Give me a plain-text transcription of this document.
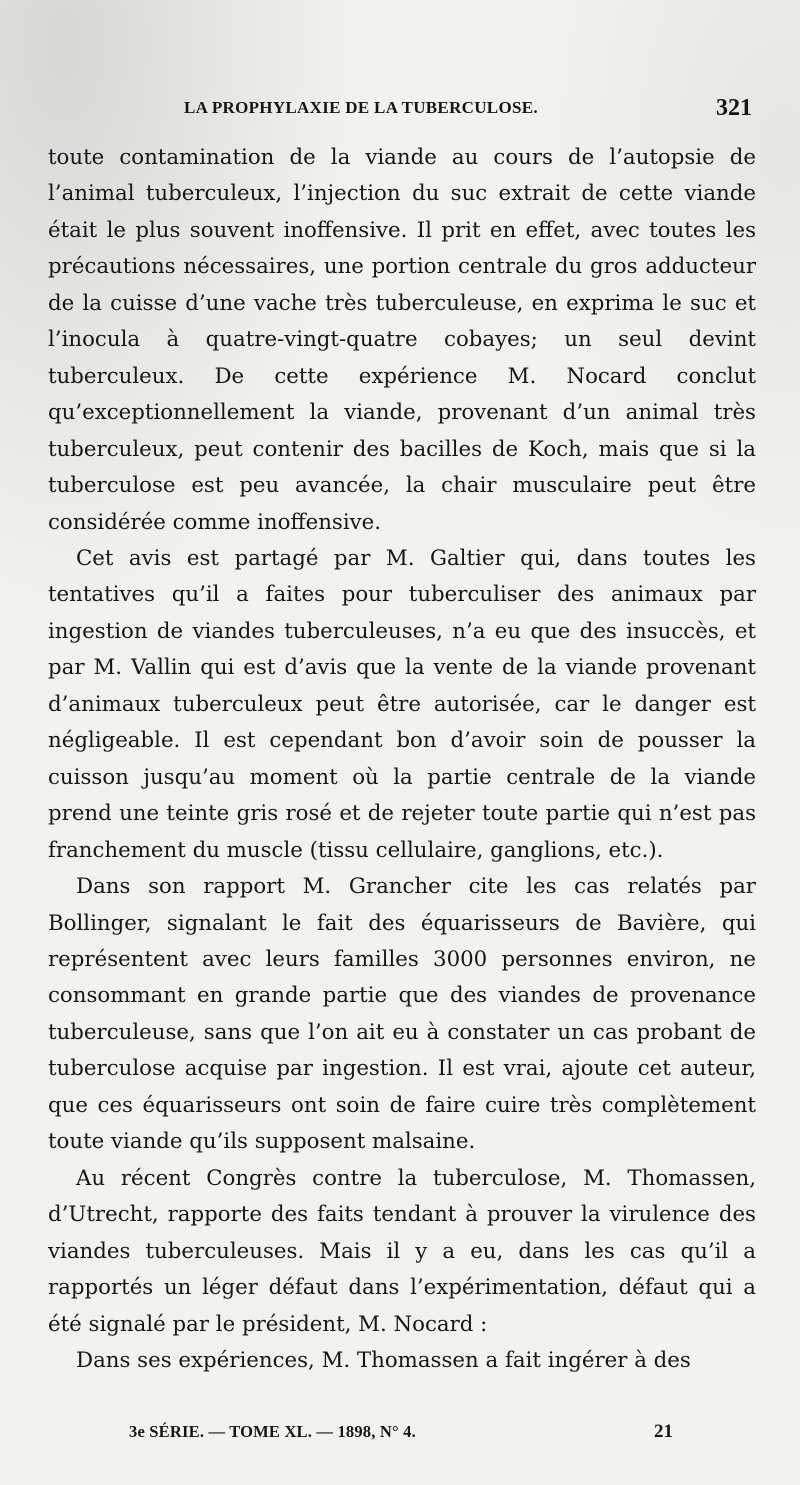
LA PROPHYLAXIE DE LA TUBERCULOSE.	321

toute contamination de la viande au cours de l’autopsie de l’animal tuberculeux, l’injection du suc extrait de cette viande était le plus souvent inoffensive. Il prit en effet, avec toutes les précautions nécessaires, une portion centrale du gros adducteur de la cuisse d’une vache très tuberculeuse, en exprima le suc et l’inocula à quatre-vingt-quatre cobayes; un seul devint tuberculeux. De cette expérience M. Nocard conclut qu’exceptionnellement la viande, provenant d’un animal très tuberculeux, peut contenir des bacilles de Koch, mais que si la tuberculose est peu avancée, la chair musculaire peut être considérée comme inoffensive.

Cet avis est partagé par M. Galtier qui, dans toutes les tentatives qu’il a faites pour tuberculiser des animaux par ingestion de viandes tuberculeuses, n’a eu que des insuccès, et par M. Vallin qui est d’avis que la vente de la viande provenant d’animaux tuberculeux peut être autorisée, car le danger est négligeable. Il est cependant bon d’avoir soin de pousser la cuisson jusqu’au moment où la partie centrale de la viande prend une teinte gris rosé et de rejeter toute partie qui n’est pas franchement du muscle (tissu cellulaire, ganglions, etc.).

Dans son rapport M. Grancher cite les cas relatés par Bollinger, signalant le fait des équarisseurs de Bavière, qui représentent avec leurs familles 3000 personnes environ, ne consommant en grande partie que des viandes de provenance tuberculeuse, sans que l’on ait eu à constater un cas probant de tuberculose acquise par ingestion. Il est vrai, ajoute cet auteur, que ces équarisseurs ont soin de faire cuire très complètement toute viande qu’ils supposent malsaine.

Au récent Congrès contre la tuberculose, M. Thomassen, d’Utrecht, rapporte des faits tendant à prouver la virulence des viandes tuberculeuses. Mais il y a eu, dans les cas qu’il a rapportés un léger défaut dans l’expérimentation, défaut qui a été signalé par le président, M. Nocard :

Dans ses expériences, M. Thomassen a fait ingérer à des

3e SÉRIE. — TOME XL. — 1898, N° 4.	21
